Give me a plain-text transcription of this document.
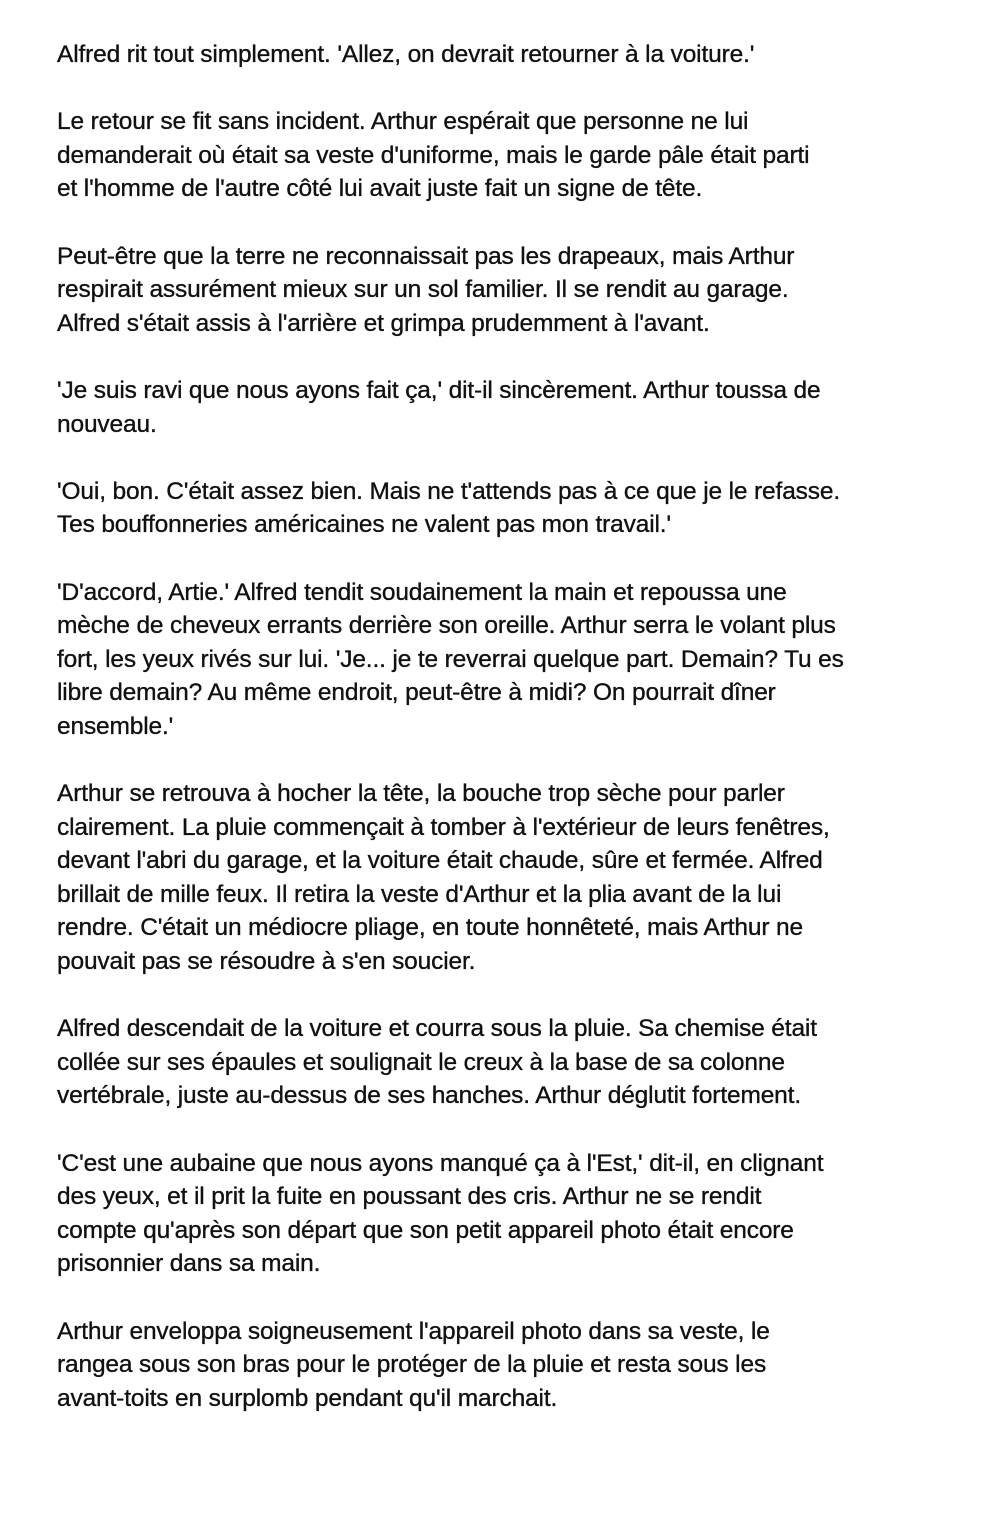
Alfred rit tout simplement. 'Allez, on devrait retourner à la voiture.'

Le retour se fit sans incident. Arthur espérait que personne ne lui
demanderait où était sa veste d'uniforme, mais le garde pâle était parti
et l'homme de l'autre côté lui avait juste fait un signe de tête.

Peut-être que la terre ne reconnaissait pas les drapeaux, mais Arthur
respirait assurément mieux sur un sol familier. Il se rendit au garage.
Alfred s'était assis à l'arrière et grimpa prudemment à l'avant.

'Je suis ravi que nous ayons fait ça,' dit-il sincèrement. Arthur toussa de
nouveau.

'Oui, bon. C'était assez bien. Mais ne t'attends pas à ce que je le refasse.
Tes bouffonneries américaines ne valent pas mon travail.'

'D'accord, Artie.' Alfred tendit soudainement la main et repoussa une
mèche de cheveux errants derrière son oreille. Arthur serra le volant plus
fort, les yeux rivés sur lui. 'Je... je te reverrai quelque part. Demain? Tu es
libre demain? Au même endroit, peut-être à midi? On pourrait dîner
ensemble.'

Arthur se retrouva à hocher la tête, la bouche trop sèche pour parler
clairement. La pluie commençait à tomber à l'extérieur de leurs fenêtres,
devant l'abri du garage, et la voiture était chaude, sûre et fermée. Alfred
brillait de mille feux. Il retira la veste d'Arthur et la plia avant de la lui
rendre. C'était un médiocre pliage, en toute honnêteté, mais Arthur ne
pouvait pas se résoudre à s'en soucier.

Alfred descendait de la voiture et courra sous la pluie. Sa chemise était
collée sur ses épaules et soulignait le creux à la base de sa colonne
vertébrale, juste au-dessus de ses hanches. Arthur déglutit fortement.

'C'est une aubaine que nous ayons manqué ça à l'Est,' dit-il, en clignant
des yeux, et il prit la fuite en poussant des cris. Arthur ne se rendit
compte qu'après son départ que son petit appareil photo était encore
prisonnier dans sa main.

Arthur enveloppa soigneusement l'appareil photo dans sa veste, le
rangea sous son bras pour le protéger de la pluie et resta sous les
avant-toits en surplomb pendant qu'il marchait.
